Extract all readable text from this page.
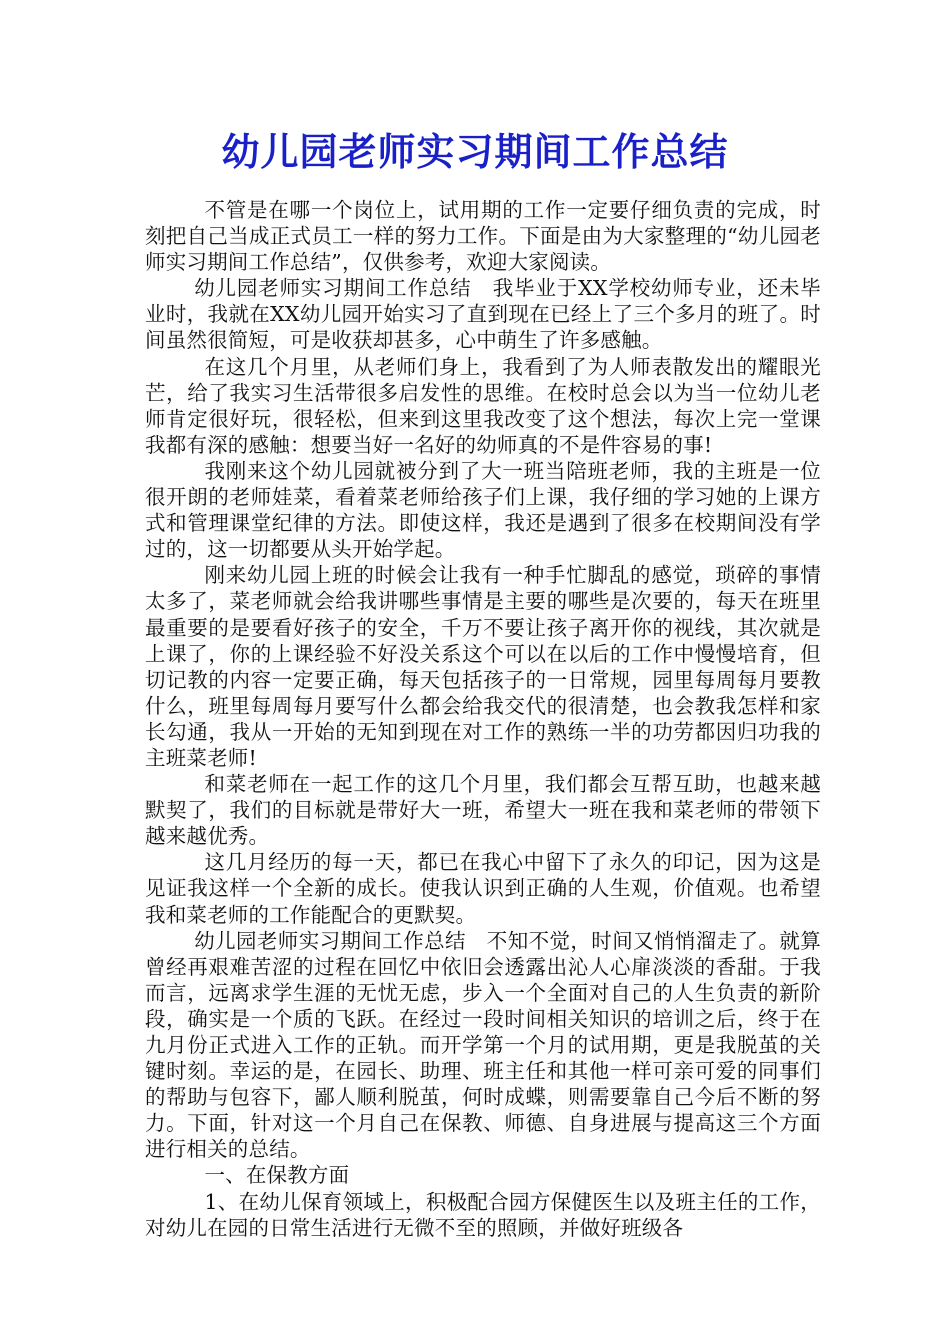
幼儿园老师实习期间工作总结

不管是在哪一个岗位上，试用期的工作一定要仔细负责的完成，时刻把自己当成正式员工一样的努力工作。下面是由为大家整理的“幼儿园老师实习期间工作总结”，仅供参考，欢迎大家阅读。

幼儿园老师实习期间工作总结　我毕业于XX学校幼师专业，还未毕业时，我就在XX幼儿园开始实习了直到现在已经上了三个多月的班了。时间虽然很简短，可是收获却甚多，心中萌生了许多感触。

在这几个月里，从老师们身上，我看到了为人师表散发出的耀眼光芒，给了我实习生活带很多启发性的思维。在校时总会以为当一位幼儿老师肯定很好玩，很轻松，但来到这里我改变了这个想法，每次上完一堂课我都有深的感触：想要当好一名好的幼师真的不是件容易的事!

我刚来这个幼儿园就被分到了大一班当陪班老师，我的主班是一位很开朗的老师娃菜，看着菜老师给孩子们上课，我仔细的学习她的上课方式和管理课堂纪律的方法。即使这样，我还是遇到了很多在校期间没有学过的，这一切都要从头开始学起。

刚来幼儿园上班的时候会让我有一种手忙脚乱的感觉，琐碎的事情太多了，菜老师就会给我讲哪些事情是主要的哪些是次要的，每天在班里最重要的是要看好孩子的安全，千万不要让孩子离开你的视线，其次就是上课了，你的上课经验不好没关系这个可以在以后的工作中慢慢培育，但切记教的内容一定要正确，每天包括孩子的一日常规，园里每周每月要教什么，班里每周每月要写什么都会给我交代的很清楚，也会教我怎样和家长勾通，我从一开始的无知到现在对工作的熟练一半的功劳都因归功我的主班菜老师!

和菜老师在一起工作的这几个月里，我们都会互帮互助，也越来越默契了，我们的目标就是带好大一班，希望大一班在我和菜老师的带领下越来越优秀。

这几月经历的每一天，都已在我心中留下了永久的印记，因为这是见证我这样一个全新的成长。使我认识到正确的人生观，价值观。也希望我和菜老师的工作能配合的更默契。

幼儿园老师实习期间工作总结　不知不觉，时间又悄悄溜走了。就算曾经再艰难苦涩的过程在回忆中依旧会透露出沁人心扉淡淡的香甜。于我而言，远离求学生涯的无忧无虑，步入一个全面对自己的人生负责的新阶段，确实是一个质的飞跃。在经过一段时间相关知识的培训之后，终于在九月份正式进入工作的正轨。而开学第一个月的试用期，更是我脱茧的关键时刻。幸运的是，在园长、助理、班主任和其他一样可亲可爱的同事们的帮助与包容下，鄙人顺利脱茧，何时成蝶，则需要靠自己今后不断的努力。下面，针对这一个月自己在保教、师德、自身进展与提高这三个方面进行相关的总结。

一、在保教方面

1、在幼儿保育领域上，积极配合园方保健医生以及班主任的工作，对幼儿在园的日常生活进行无微不至的照顾，并做好班级各
